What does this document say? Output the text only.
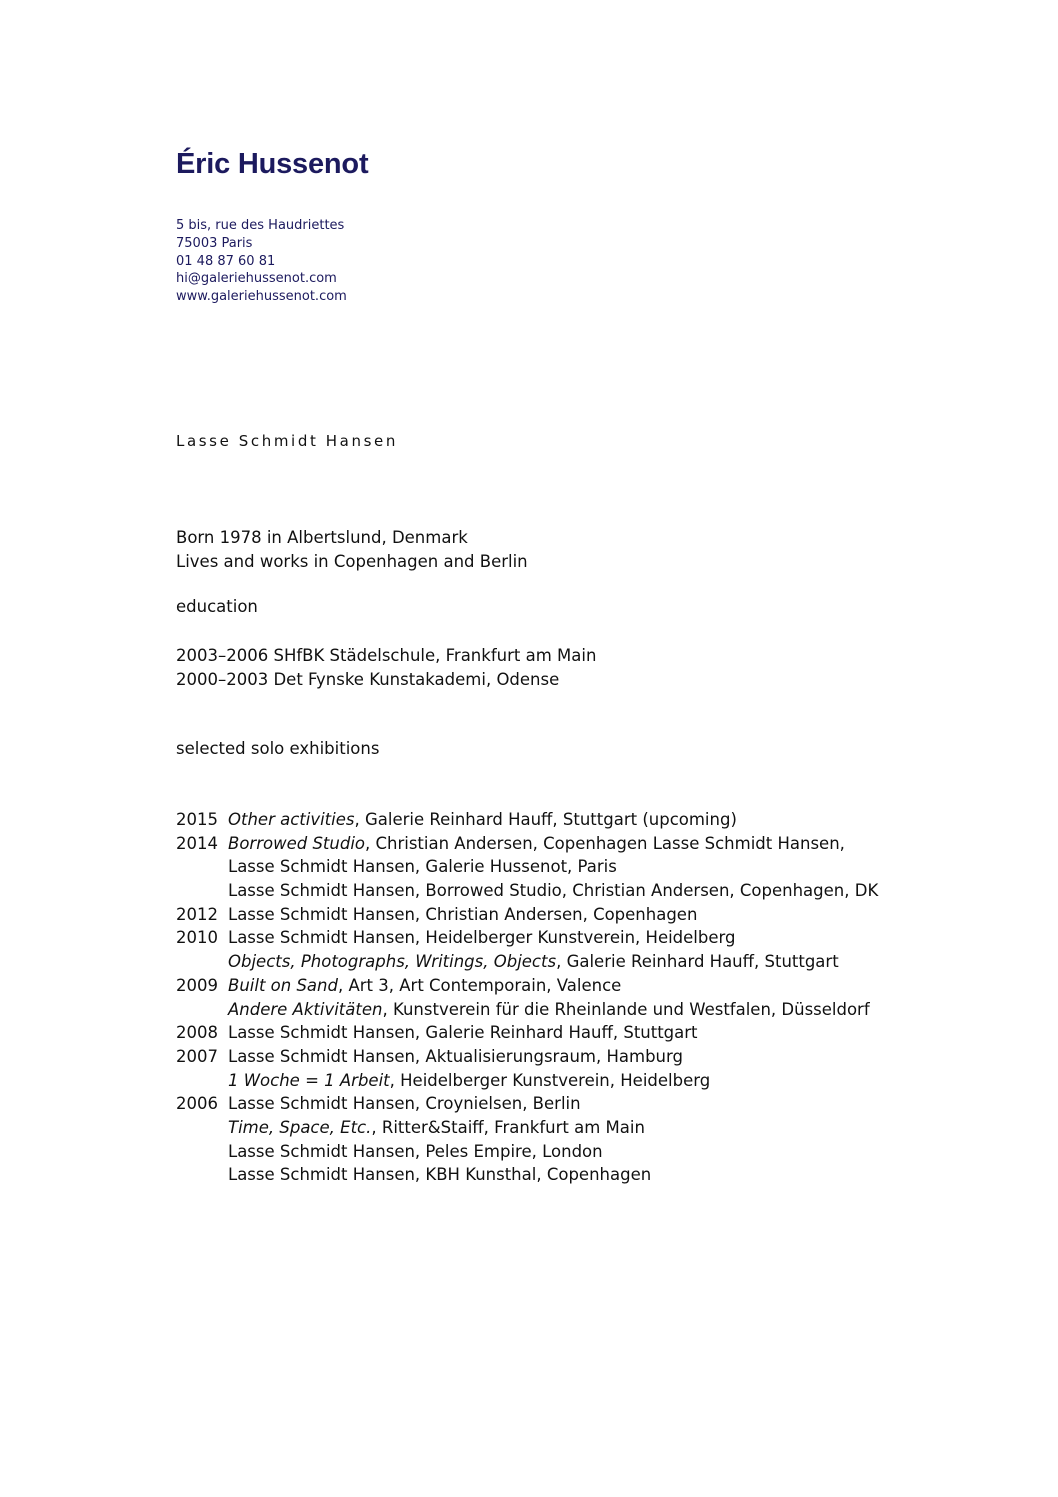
Éric Hussenot
5 bis, rue des Haudriettes
75003 Paris
01 48 87 60 81
hi@galeriehussenot.com
www.galeriehussenot.com
Lasse Schmidt Hansen
Born 1978 in Albertslund, Denmark
Lives and works in Copenhagen and Berlin
education
2003–2006 SHfBK Städelschule, Frankfurt am Main
2000–2003 Det Fynske Kunstakademi, Odense
selected solo exhibitions
2015 Other activities, Galerie Reinhard Hauff, Stuttgart (upcoming)
2014 Borrowed Studio, Christian Andersen, Copenhagen Lasse Schmidt Hansen,
Lasse Schmidt Hansen, Galerie Hussenot, Paris
Lasse Schmidt Hansen, Borrowed Studio, Christian Andersen, Copenhagen, DK
2012 Lasse Schmidt Hansen, Christian Andersen, Copenhagen
2010 Lasse Schmidt Hansen, Heidelberger Kunstverein, Heidelberg
Objects, Photographs, Writings, Objects, Galerie Reinhard Hauff, Stuttgart
2009 Built on Sand, Art 3, Art Contemporain, Valence
Andere Aktivitäten, Kunstverein für die Rheinlande und Westfalen, Düsseldorf
2008 Lasse Schmidt Hansen, Galerie Reinhard Hauff, Stuttgart
2007 Lasse Schmidt Hansen, Aktualisierungsraum, Hamburg
1 Woche = 1 Arbeit, Heidelberger Kunstverein, Heidelberg
2006 Lasse Schmidt Hansen, Croynielsen, Berlin
Time, Space, Etc., Ritter&Staiff, Frankfurt am Main
Lasse Schmidt Hansen, Peles Empire, London
Lasse Schmidt Hansen, KBH Kunsthal, Copenhagen
